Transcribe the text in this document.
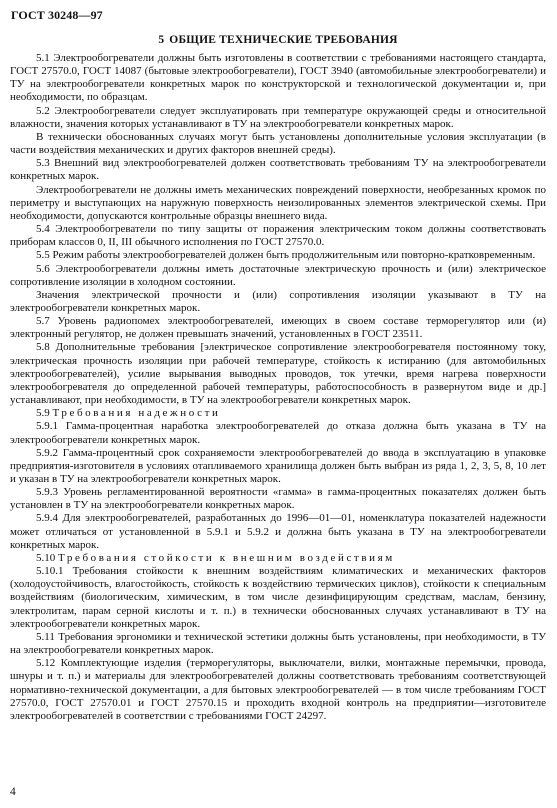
ГОСТ 30248—97
5 ОБЩИЕ ТЕХНИЧЕСКИЕ ТРЕБОВАНИЯ

5.1 Электрообогреватели должны быть изготовлены в соответствии с требованиями настоящего стандарта, ГОСТ 27570.0, ГОСТ 14087 (бытовые электрообогреватели), ГОСТ 3940 (автомобильные электрообогреватели) и ТУ на электрообогреватели конкретных марок по конструкторской и технологической документации и, при необходимости, по образцам.

5.2 Электрообогреватели следует эксплуатировать при температуре окружающей среды и относительной влажности, значения которых устанавливают в ТУ на электрообогреватели конкретных марок.

В технически обоснованных случаях могут быть установлены дополнительные условия эксплуатации (в части воздействия механических и других факторов внешней среды).

5.3 Внешний вид электрообогревателей должен соответствовать требованиям ТУ на электрообогреватели конкретных марок.

Электрообогреватели не должны иметь механических повреждений поверхности, необрезанных кромок по периметру и выступающих на наружную поверхность неизолированных элементов электрической схемы. При необходимости, допускаются контрольные образцы внешнего вида.

5.4 Электрообогреватели по типу защиты от поражения электрическим током должны соответствовать приборам классов 0, II, III обычного исполнения по ГОСТ 27570.0.

5.5 Режим работы электрообогревателей должен быть продолжительным или повторно-кратковременным.

5.6 Электрообогреватели должны иметь достаточные электрическую прочность и (или) электрическое сопротивление изоляции в холодном состоянии.

Значения электрической прочности и (или) сопротивления изоляции указывают в ТУ на электрообогреватели конкретных марок.

5.7 Уровень радиопомех электрообогревателей, имеющих в своем составе терморегулятор или (и) электронный регулятор, не должен превышать значений, установленных в ГОСТ 23511.

5.8 Дополнительные требования [электрическое сопротивление электрообогревателя постоянному току, электрическая прочность изоляции при рабочей температуре, стойкость к истиранию (для автомобильных электрообогревателей), усилие вырывания выводных проводов, ток утечки, время нагрева поверхности электрообогревателя до определенной рабочей температуры, работоспособность в развернутом виде и др.] устанавливают, при необходимости, в ТУ на электрообогреватели конкретных марок.

5.9 Требования надежности

5.9.1 Гамма-процентная наработка электрообогревателей до отказа должна быть указана в ТУ на электрообогреватели конкретных марок.

5.9.2 Гамма-процентный срок сохраняемости электрообогревателей до ввода в эксплуатацию в упаковке предприятия-изготовителя в условиях отапливаемого хранилища должен быть выбран из ряда 1, 2, 3, 5, 8, 10 лет и указан в ТУ на электрообогреватели конкретных марок.

5.9.3 Уровень регламентированной вероятности «гамма» в гамма-процентных показателях должен быть установлен в ТУ на электрообогреватели конкретных марок.

5.9.4 Для электрообогревателей, разработанных до 1996—01—01, номенклатура показателей надежности может отличаться от установленной в 5.9.1 и 5.9.2 и должна быть указана в ТУ на электрообогреватели конкретных марок.

5.10 Требования стойкости к внешним воздействиям

5.10.1 Требования стойкости к внешним воздействиям климатических и механических факторов (холодоустойчивость, влагостойкость, стойкость к воздействию термических циклов), стойкости к специальным воздействиям (биологическим, химическим, в том числе дезинфицирующим средствам, маслам, бензину, электролитам, парам серной кислоты и т. п.) в технически обоснованных случаях устанавливают в ТУ на электрообогреватели конкретных марок.

5.11 Требования эргономики и технической эстетики должны быть установлены, при необходимости, в ТУ на электрообогреватели конкретных марок.

5.12 Комплектующие изделия (терморегуляторы, выключатели, вилки, монтажные перемычки, провода, шнуры и т. п.) и материалы для электрообогревателей должны соответствовать требованиям соответствующей нормативно-технической документации, а для бытовых электрообогревателей — в том числе требованиям ГОСТ 27570.0, ГОСТ 27570.01 и ГОСТ 27570.15 и проходить входной контроль на предприятии—изготовителе электрообогревателей в соответствии с требованиями ГОСТ 24297.

4
